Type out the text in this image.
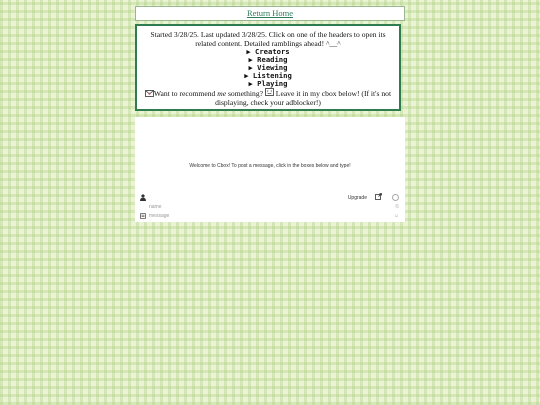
Return Home
Started 3/28/25. Last updated 3/28/25. Click on one of the headers to open its related content. Detailed ramblings ahead! ^__^
▶ Creators
▶ Reading
▶ Viewing
▶ Listening
▶ Playing
Want to recommend me something?  Leave it in my cbox below! (If it's not displaying, check your adblocker!)
Welcome to Cbox! To post a message, click in the boxes below and type!
Upgrade
name	©
message	☺
